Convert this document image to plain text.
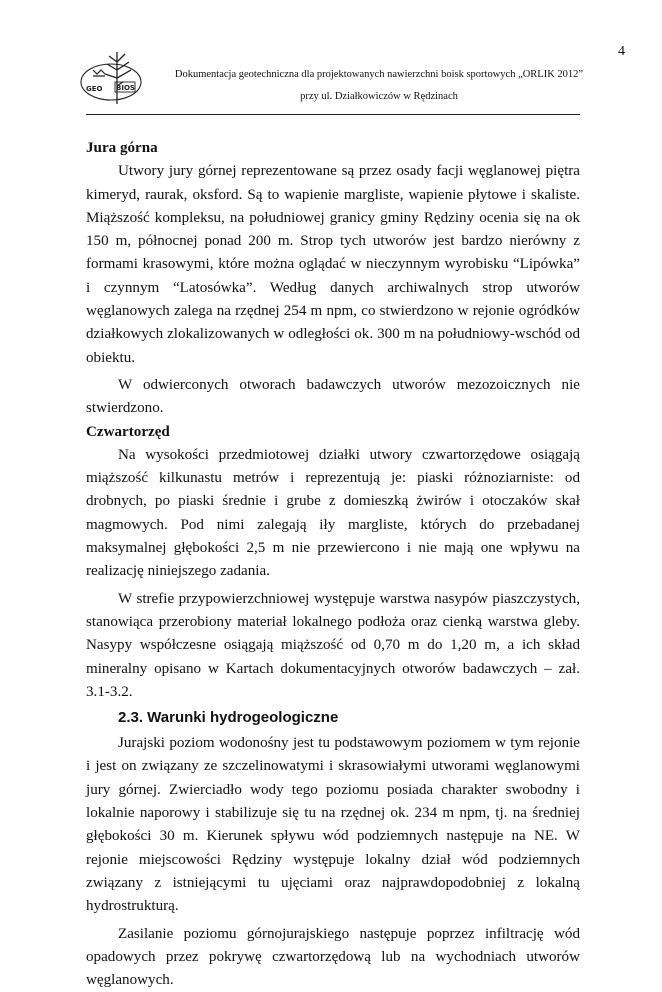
4
GEO BIOS
Dokumentacja geotechniczna dla projektowanych nawierzchni boisk sportowych „ORLIK 2012”
przy ul. Działkowiczów w Rędzinach
Jura górna

Utwory jury górnej reprezentowane są przez osady facji węglanowej piętra kimeryd, raurak, oksford. Są to wapienie margliste, wapienie płytowe i skaliste. Miąższość kompleksu, na południowej granicy gminy Rędziny ocenia się na ok 150 m, północnej ponad 200 m. Strop tych utworów jest bardzo nierówny z formami krasowymi, które można oglądać w nieczynnym wyrobisku “Lipówka” i czynnym “Latosówka”. Według danych archiwalnych strop utworów węglanowych zalega na rzędnej 254 m npm, co stwierdzono w rejonie ogródków działkowych zlokalizowanych w odległości ok. 300 m na południowy-wschód od obiektu.

W odwierconych otworach badawczych utworów mezozoicznych nie stwierdzono.

Czwartorzęd

Na wysokości przedmiotowej działki utwory czwartorzędowe osiągają miąższość kilkunastu metrów i reprezentują je: piaski różnoziarniste: od drobnych, po piaski średnie i grube z domieszką żwirów i otoczaków skał magmowych. Pod nimi zalegają iły margliste, których do przebadanej maksymalnej głębokości 2,5 m nie przewiercono i nie mają one wpływu na realizację niniejszego zadania.

W strefie przypowierzchniowej występuje warstwa nasypów piaszczystych, stanowiąca przerobiony materiał lokalnego podłoża oraz cienką warstwa gleby. Nasypy współczesne osiągają miąższość od 0,70 m do 1,20 m, a ich skład mineralny opisano w Kartach dokumentacyjnych otworów badawczych – zał. 3.1-3.2.

2.3. Warunki hydrogeologiczne

Jurajski poziom wodonośny jest tu podstawowym poziomem w tym rejonie i jest on związany ze szczelinowatymi i skrasowiałymi utworami węglanowymi jury górnej. Zwierciadło wody tego poziomu posiada charakter swobodny i lokalnie naporowy i stabilizuje się tu na rzędnej ok. 234 m npm, tj. na średniej głębokości 30 m. Kierunek spływu wód podziemnych następuje na NE. W rejonie miejscowości Rędziny występuje lokalny dział wód podziemnych związany z istniejącymi tu ujęciami oraz najprawdopodobniej z lokalną hydrostrukturą.

Zasilanie poziomu górnojurajskiego następuje poprzez infiltrację wód opadowych przez pokrywę czwartorzędową lub na wychodniach utworów węglanowych.
